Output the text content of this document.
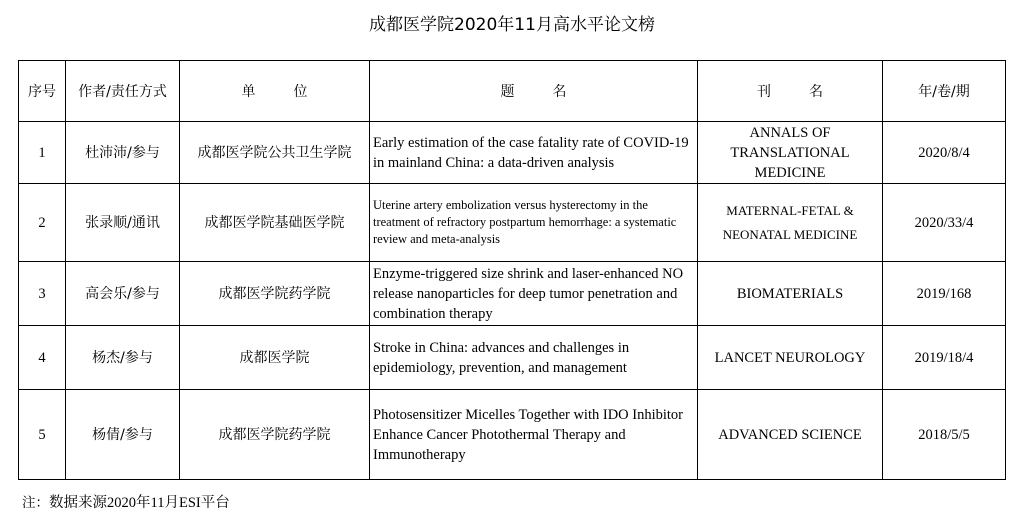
成都医学院2020年11月高水平论文榜
序号	作者/责任方式	单 位	题 名	刊 名	年/卷/期
1	杜沛沛/参与	成都医学院公共卫生学院	Early estimation of the case fatality rate of COVID-19 in mainland China: a data-driven analysis	ANNALS OF TRANSLATIONAL MEDICINE	2020/8/4
2	张录顺/通讯	成都医学院基础医学院	Uterine artery embolization versus hysterectomy in the treatment of refractory postpartum hemorrhage: a systematic review and meta-analysis	MATERNAL-FETAL & NEONATAL MEDICINE	2020/33/4
3	高会乐/参与	成都医学院药学院	Enzyme-triggered size shrink and laser-enhanced NO release nanoparticles for deep tumor penetration and combination therapy	BIOMATERIALS	2019/168
4	杨杰/参与	成都医学院	Stroke in China: advances and challenges in epidemiology, prevention, and management	LANCET NEUROLOGY	2019/18/4
5	杨倩/参与	成都医学院药学院	Photosensitizer Micelles Together with IDO Inhibitor Enhance Cancer Photothermal Therapy and Immunotherapy	ADVANCED SCIENCE	2018/5/5
注：数据来源2020年11月ESI平台
